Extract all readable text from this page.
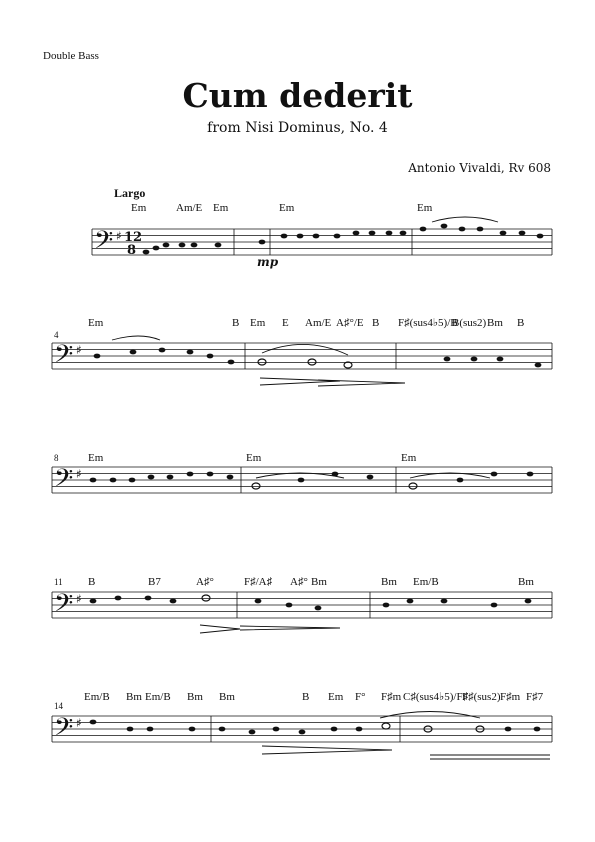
Double Bass
Cum dederit
from Nisi Dominus, No. 4
Antonio Vivaldi, Rv 608
Largo
Em	Am/E Em	Em	Em
mp
4
Em	B Em E Am/E A♯°/E B F♯(sus4♭5)/B
B(sus2) Bm B
8	Em	Em	Em
11 B	B7	A♯°	F♯/A♯ A♯° Bm	Bm Em/B	Bm
14
Em/B Bm Em/B Bm Bm	B Em F° F♯m C♯(sus4♭5)/F♯
F♯(sus2) F♯m F♯7
𝄢
𝄢
𝄢
𝄢
𝄢
♯
♯
♯
♯
♯
12
8
